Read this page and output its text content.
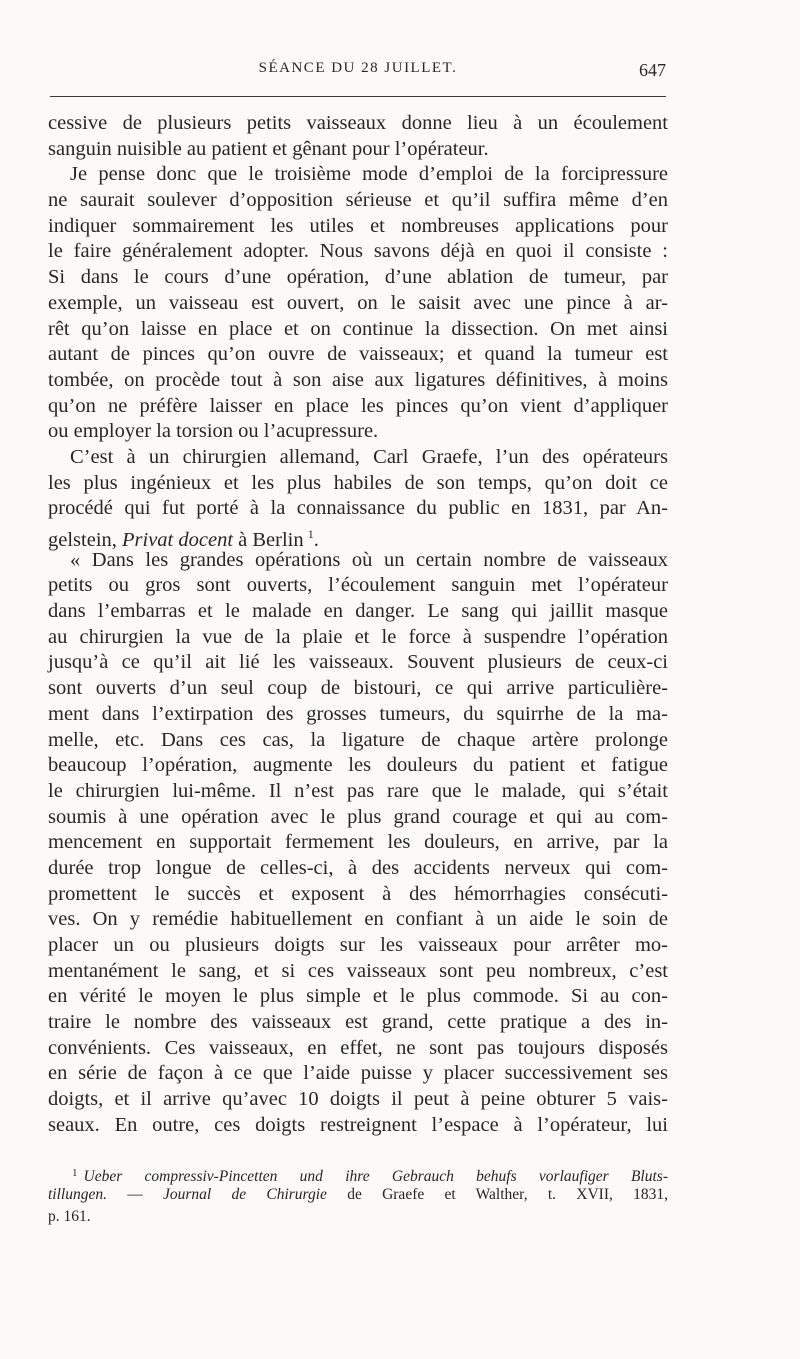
SÉANCE DU 28 JUILLET.	647
cessive de plusieurs petits vaisseaux donne lieu à un écoulement
sanguin nuisible au patient et gênant pour l’opérateur.
Je pense donc que le troisième mode d’emploi de la forcipressure
ne saurait soulever d’opposition sérieuse et qu’il suffira même d’en
indiquer sommairement les utiles et nombreuses applications pour
le faire généralement adopter. Nous savons déjà en quoi il consiste :
Si dans le cours d’une opération, d’une ablation de tumeur, par
exemple, un vaisseau est ouvert, on le saisit avec une pince à ar-
rêt qu’on laisse en place et on continue la dissection. On met ainsi
autant de pinces qu’on ouvre de vaisseaux; et quand la tumeur est
tombée, on procède tout à son aise aux ligatures définitives, à moins
qu’on ne préfère laisser en place les pinces qu’on vient d’appliquer
ou employer la torsion ou l’acupressure.
C’est à un chirurgien allemand, Carl Graefe, l’un des opérateurs
les plus ingénieux et les plus habiles de son temps, qu’on doit ce
procédé qui fut porté à la connaissance du public en 1831, par An-
gelstein, Privat docent à Berlin  $^1$.
« Dans les grandes opérations où un certain nombre de vaisseaux
petits ou gros sont ouverts, l’écoulement sanguin met l’opérateur
dans l’embarras et le malade en danger. Le sang qui jaillit masque
au chirurgien la vue de la plaie et le force à suspendre l’opération
jusqu’à ce qu’il ait lié les vaisseaux. Souvent plusieurs de ceux-ci
sont ouverts d’un seul coup de bistouri, ce qui arrive particulière-
ment dans l’extirpation des grosses tumeurs, du squirrhe de la ma-
melle, etc. Dans ces cas, la ligature de chaque artère prolonge
beaucoup l’opération, augmente les douleurs du patient et fatigue
le chirurgien lui-même. Il n’est pas rare que le malade, qui s’était
soumis à une opération avec le plus grand courage et qui au com-
mencement en supportait fermement les douleurs, en arrive, par la
durée trop longue de celles-ci, à des accidents nerveux qui com-
promettent le succès et exposent à des hémorrhagies consécuti-
ves. On y remédie habituellement en confiant à un aide le soin de
placer un ou plusieurs doigts sur les vaisseaux pour arrêter mo-
mentanément le sang, et si ces vaisseaux sont peu nombreux, c’est
en vérité le moyen le plus simple et le plus commode. Si au con-
traire le nombre des vaisseaux est grand, cette pratique a des in-
convénients. Ces vaisseaux, en effet, ne sont pas toujours disposés
en série de façon à ce que l’aide puisse y placer successivement ses
doigts, et il arrive qu’avec 10 doigts il peut à peine obturer 5 vais-
seaux. En outre, ces doigts restreignent l’espace à l’opérateur, lui
$^1$ Ueber compressiv-Pincetten und ihre Gebrauch behufs vorlaufiger Bluts-
tillungen. — Journal de Chirurgie de Graefe et Walther, t. XVII, 1831,
p. 161.
